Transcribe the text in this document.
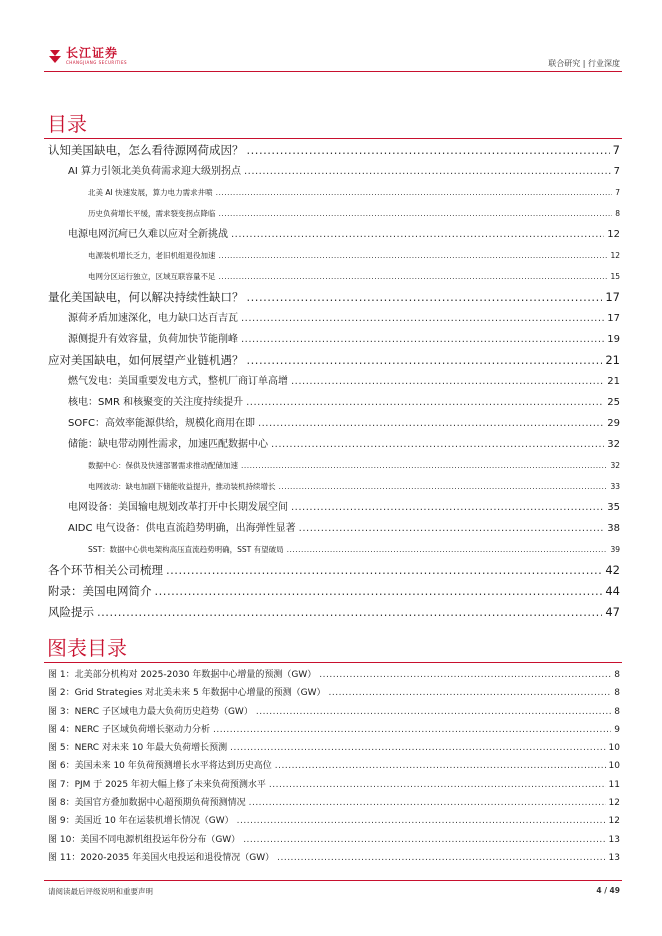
长江证券
CHANGJIANG SECURITIES	联合研究 | 行业深度
目录
认知美国缺电，怎么看待源网荷成因？ .....	7
AI 算力引领北美负荷需求迎大级别拐点 .....	7
北美 AI 快速发展，算力电力需求井喷 .....	7
历史负荷增长平缓，需求裂变拐点降临 .....	8
电源电网沉疴已久难以应对全新挑战 .....	12
电源装机增长乏力，老旧机组退役加速 .....	12
电网分区运行独立，区域互联容量不足 .....	15
量化美国缺电，何以解决持续性缺口？ .....	17
源荷矛盾加速深化，电力缺口达百吉瓦 .....	17
源侧提升有效容量，负荷加快节能削峰 .....	19
应对美国缺电，如何展望产业链机遇？ .....	21
燃气发电：美国重要发电方式，整机厂商订单高增 .....	21
核电：SMR 和核聚变的关注度持续提升 .....	25
SOFC：高效率能源供给，规模化商用在即 .....	29
储能：缺电带动刚性需求，加速匹配数据中心 .....	32
数据中心：保供及快速部署需求推动配储加速 .....	32
电网波动：缺电加剧下储能收益提升，推动装机持续增长 .....	33
电网设备：美国输电规划改革打开中长期发展空间 .....	35
AIDC 电气设备：供电直流趋势明确，出海弹性显著 .....	38
SST：数据中心供电架构高压直流趋势明确，SST 有望破局 .....	39
各个环节相关公司梳理 .....	42
附录：美国电网简介 .....	44
风险提示 .....	47
图表目录
图 1：北美部分机构对 2025-2030 年数据中心增量的预测（GW） .....	8
图 2：Grid Strategies 对北美未来 5 年数据中心增量的预测（GW） .....	8
图 3：NERC 子区域电力最大负荷历史趋势（GW） .....	8
图 4：NERC 子区域负荷增长驱动力分析 .....	9
图 5：NERC 对未来 10 年最大负荷增长预测 .....	10
图 6：美国未来 10 年负荷预测增长水平将达到历史高位 .....	10
图 7：PJM 于 2025 年初大幅上修了未来负荷预测水平 .....	11
图 8：美国官方叠加数据中心超预期负荷预测情况 .....	12
图 9：美国近 10 年在运装机增长情况（GW） .....	12
图 10：美国不同电源机组投运年份分布（GW） .....	13
图 11：2020-2035 年美国火电投运和退役情况（GW） .....	13
请阅读最后评级说明和重要声明	4 / 49
